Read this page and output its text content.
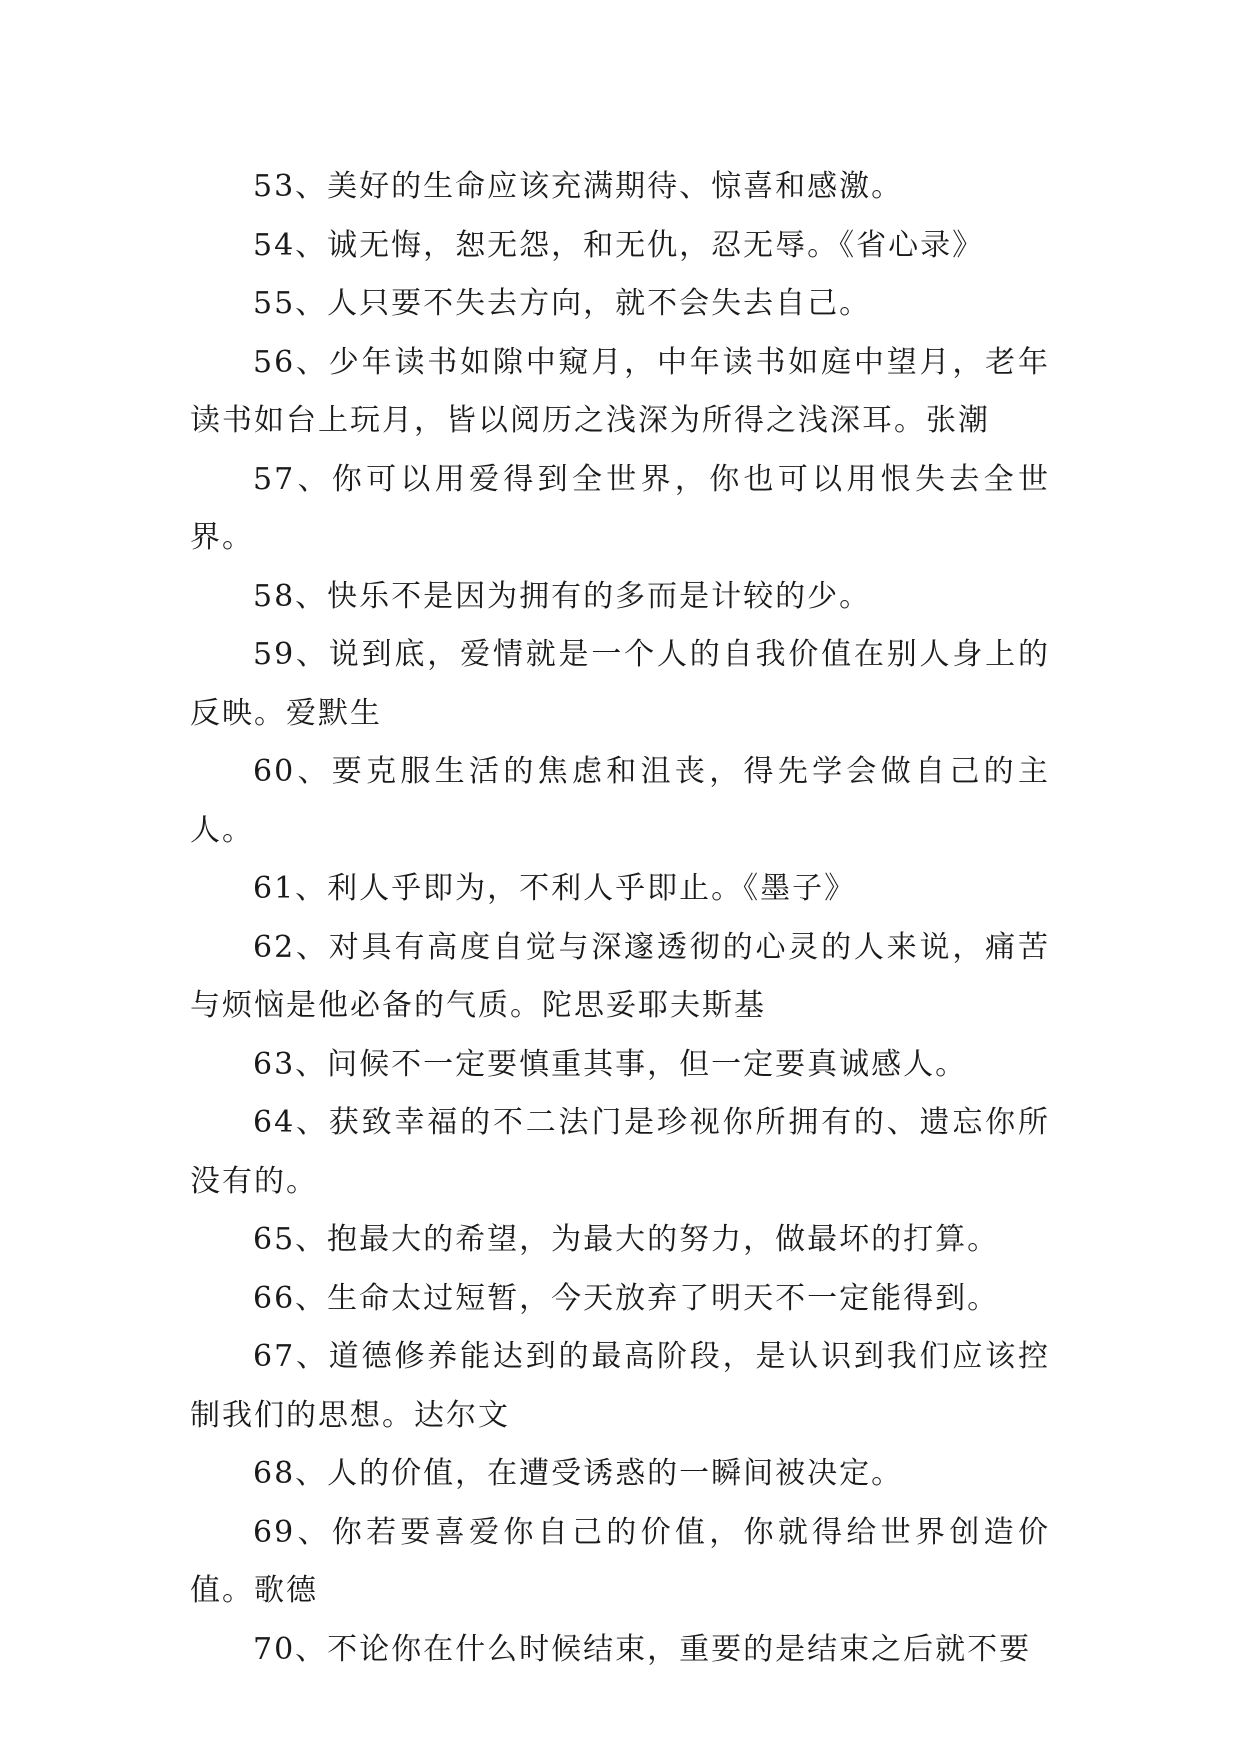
53、美好的生命应该充满期待、惊喜和感激。

54、诚无悔，恕无怨，和无仇，忍无辱。《省心录》

55、人只要不失去方向，就不会失去自己。

56、少年读书如隙中窥月，中年读书如庭中望月，老年读书如台上玩月，皆以阅历之浅深为所得之浅深耳。张潮

57、你可以用爱得到全世界，你也可以用恨失去全世界。

58、快乐不是因为拥有的多而是计较的少。

59、说到底，爱情就是一个人的自我价值在别人身上的反映。爱默生

60、要克服生活的焦虑和沮丧，得先学会做自己的主人。

61、利人乎即为，不利人乎即止。《墨子》

62、对具有高度自觉与深邃透彻的心灵的人来说，痛苦与烦恼是他必备的气质。陀思妥耶夫斯基

63、问候不一定要慎重其事，但一定要真诚感人。

64、获致幸福的不二法门是珍视你所拥有的、遗忘你所没有的。

65、抱最大的希望，为最大的努力，做最坏的打算。

66、生命太过短暂，今天放弃了明天不一定能得到。

67、道德修养能达到的最高阶段，是认识到我们应该控制我们的思想。达尔文

68、人的价值，在遭受诱惑的一瞬间被决定。

69、你若要喜爱你自己的价值，你就得给世界创造价值。歌德

70、不论你在什么时候结束，重要的是结束之后就不要
